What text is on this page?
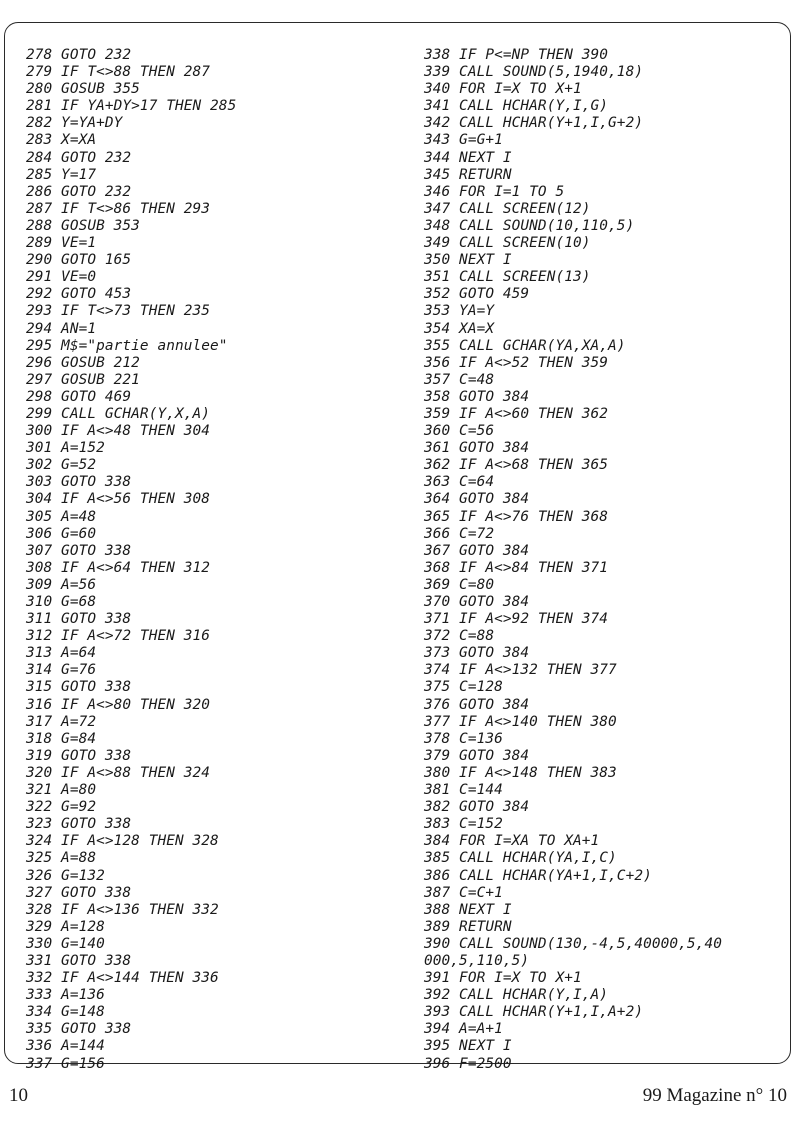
278 GOTO 232
279 IF T<>88 THEN 287
280 GOSUB 355
281 IF YA+DY>17 THEN 285
282 Y=YA+DY
283 X=XA
284 GOTO 232
285 Y=17
286 GOTO 232
287 IF T<>86 THEN 293
288 GOSUB 353
289 VE=1
290 GOTO 165
291 VE=0
292 GOTO 453
293 IF T<>73 THEN 235
294 AN=1
295 M$="partie annulee"
296 GOSUB 212
297 GOSUB 221
298 GOTO 469
299 CALL GCHAR(Y,X,A)
300 IF A<>48 THEN 304
301 A=152
302 G=52
303 GOTO 338
304 IF A<>56 THEN 308
305 A=48
306 G=60
307 GOTO 338
308 IF A<>64 THEN 312
309 A=56
310 G=68
311 GOTO 338
312 IF A<>72 THEN 316
313 A=64
314 G=76
315 GOTO 338
316 IF A<>80 THEN 320
317 A=72
318 G=84
319 GOTO 338
320 IF A<>88 THEN 324
321 A=80
322 G=92
323 GOTO 338
324 IF A<>128 THEN 328
325 A=88
326 G=132
327 GOTO 338
328 IF A<>136 THEN 332
329 A=128
330 G=140
331 GOTO 338
332 IF A<>144 THEN 336
333 A=136
334 G=148
335 GOTO 338
336 A=144
337 G=156
338 IF P<=NP THEN 390
339 CALL SOUND(5,1940,18)
340 FOR I=X TO X+1
341 CALL HCHAR(Y,I,G)
342 CALL HCHAR(Y+1,I,G+2)
343 G=G+1
344 NEXT I
345 RETURN
346 FOR I=1 TO 5
347 CALL SCREEN(12)
348 CALL SOUND(10,110,5)
349 CALL SCREEN(10)
350 NEXT I
351 CALL SCREEN(13)
352 GOTO 459
353 YA=Y
354 XA=X
355 CALL GCHAR(YA,XA,A)
356 IF A<>52 THEN 359
357 C=48
358 GOTO 384
359 IF A<>60 THEN 362
360 C=56
361 GOTO 384
362 IF A<>68 THEN 365
363 C=64
364 GOTO 384
365 IF A<>76 THEN 368
366 C=72
367 GOTO 384
368 IF A<>84 THEN 371
369 C=80
370 GOTO 384
371 IF A<>92 THEN 374
372 C=88
373 GOTO 384
374 IF A<>132 THEN 377
375 C=128
376 GOTO 384
377 IF A<>140 THEN 380
378 C=136
379 GOTO 384
380 IF A<>148 THEN 383
381 C=144
382 GOTO 384
383 C=152
384 FOR I=XA TO XA+1
385 CALL HCHAR(YA,I,C)
386 CALL HCHAR(YA+1,I,C+2)
387 C=C+1
388 NEXT I
389 RETURN
390 CALL SOUND(130,-4,5,40000,5,40
000,5,110,5)
391 FOR I=X TO X+1
392 CALL HCHAR(Y,I,A)
393 CALL HCHAR(Y+1,I,A+2)
394 A=A+1
395 NEXT I
396 F=2500
10	99 Magazine n° 10
